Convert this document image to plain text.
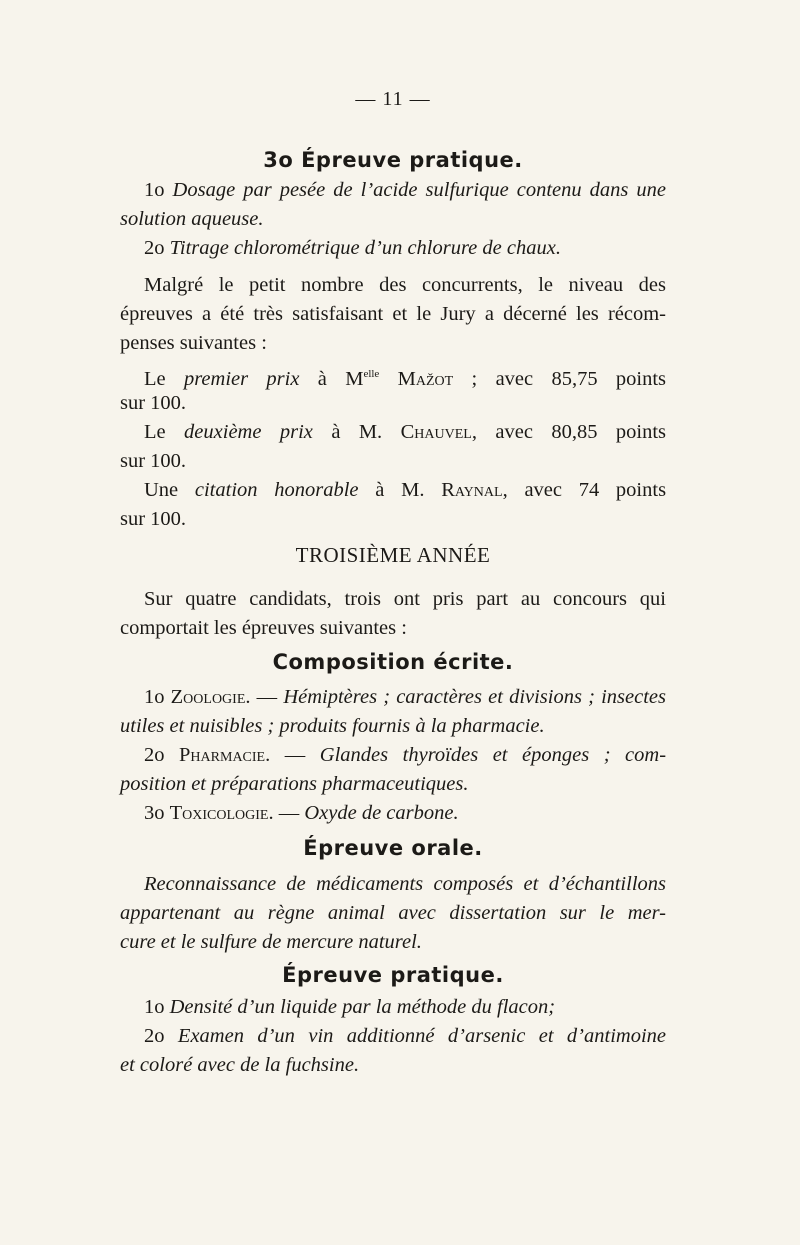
— 11 —
3o Épreuve pratique.
1o Dosage par pesée de l’acide sulfurique contenu dans une
solution aqueuse.
2o Titrage chlorométrique d’un chlorure de chaux.
Malgré le petit nombre des concurrents, le niveau des
épreuves a été très satisfaisant et le Jury a décerné les récom-
penses suivantes :
Le premier prix à $M^{elle}$ Mažot ; avec 85,75 points
sur 100.
Le deuxième prix à M. Chauvel, avec 80,85 points
sur 100.
Une citation honorable à M. Raynal, avec 74 points
sur 100.
TROISIÈME ANNÉE
Sur quatre candidats, trois ont pris part au concours qui
comportait les épreuves suivantes :
Composition écrite.
1o Zoologie. — Hémiptères ; caractères et divisions ; insectes
utiles et nuisibles ; produits fournis à la pharmacie.
2o Pharmacie. — Glandes thyroïdes et éponges ; com-
position et préparations pharmaceutiques.
3o Toxicologie. — Oxyde de carbone.
Épreuve orale.
Reconnaissance de médicaments composés et d’échantillons
appartenant au règne animal avec dissertation sur le mer-
cure et le sulfure de mercure naturel.
Épreuve pratique.
1o Densité d’un liquide par la méthode du flacon;
2o Examen d’un vin additionné d’arsenic et d’antimoine
et coloré avec de la fuchsine.
